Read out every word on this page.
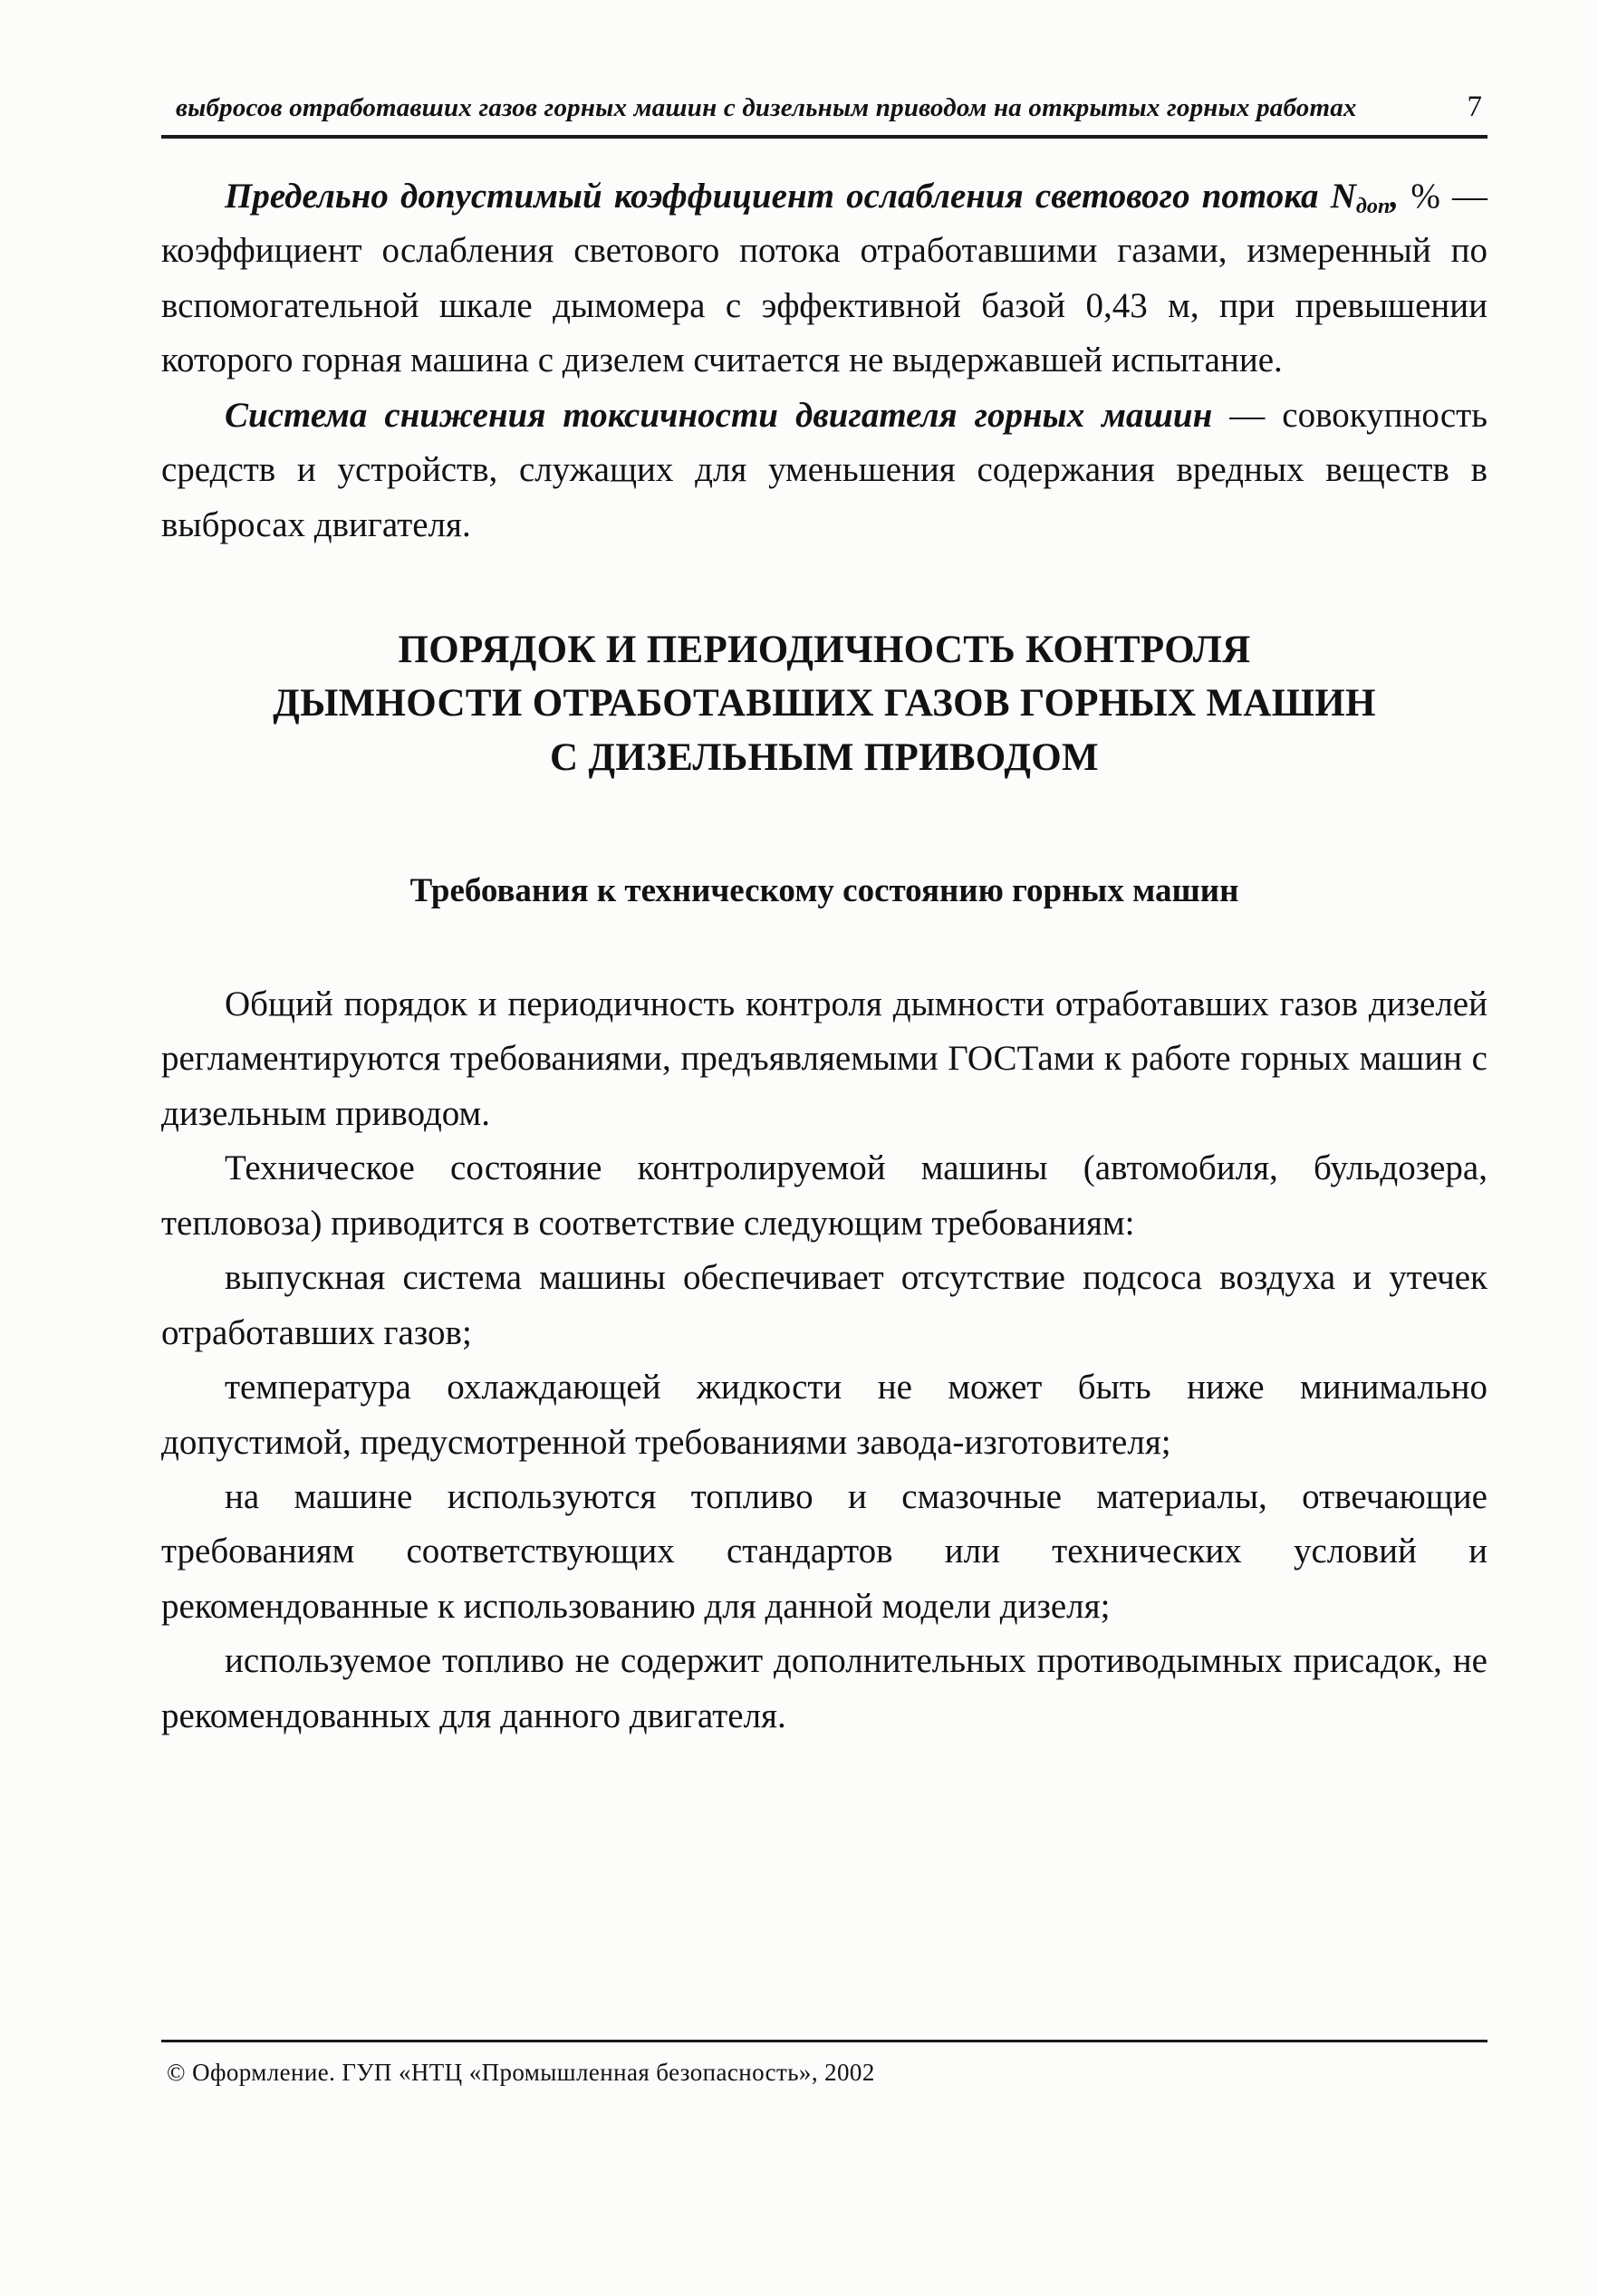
выбросов отработавших газов горных машин с дизельным приводом на открытых горных работах	7

Предельно допустимый коэффициент ослабления светового потока Nдоп, % — коэффициент ослабления светового потока отработавшими газами, измеренный по вспомогательной шкале дымомера с эффективной базой 0,43 м, при превышении которого горная машина с дизелем считается не выдержавшей испытание.

Система снижения токсичности двигателя горных машин — совокупность средств и устройств, служащих для уменьшения содержания вредных веществ в выбросах двигателя.

ПОРЯДОК И ПЕРИОДИЧНОСТЬ КОНТРОЛЯ
ДЫМНОСТИ ОТРАБОТАВШИХ ГАЗОВ ГОРНЫХ МАШИН
С ДИЗЕЛЬНЫМ ПРИВОДОМ
Требования к техническому состоянию горных машин

Общий порядок и периодичность контроля дымности отработавших газов дизелей регламентируются требованиями, предъявляемыми ГОСТами к работе горных машин с дизельным приводом.

Техническое состояние контролируемой машины (автомобиля, бульдозера, тепловоза) приводится в соответствие следующим требованиям:

выпускная система машины обеспечивает отсутствие подсоса воздуха и утечек отработавших газов;

температура охлаждающей жидкости не может быть ниже минимально допустимой, предусмотренной требованиями завода-изготовителя;

на машине используются топливо и смазочные материалы, отвечающие требованиям соответствующих стандартов или технических условий и рекомендованные к использованию для данной модели дизеля;

используемое топливо не содержит дополнительных противодымных присадок, не рекомендованных для данного двигателя.

© Оформление. ГУП «НТЦ «Промышленная безопасность», 2002
